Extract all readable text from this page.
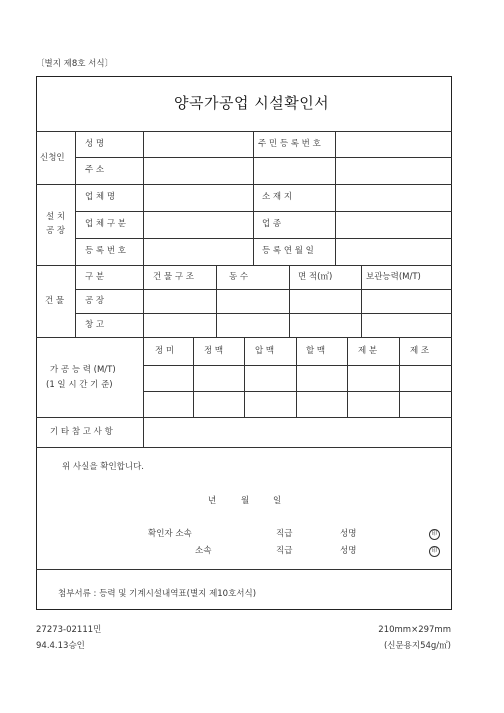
〔별지 제8호 서식〕
양곡가공업 시설확인서
신청인
성 명	주 민 등 록 번 호
주 소
설 치
공 장
업 체 명	소 재 지
업 체 구 분	업 종
등 록 번 호	등 록 연 월 일
건 물
구 분	건 물 구 조	동 수	면 적(㎡)	보관능력(M/T)
공 장
창 고
가 공 능 력 (M/T)
(1 일 시 간 기 준)
정 미	정 맥	압 맥	할 맥	제 분	제 조
기 타 참 고 사 항
위 사실을 확인합니다.
년	월	일
확인자 소속	직급	성명	印
소속	직급	성명	印
첨부서류 : 등력 및 기계시설내역표(별지 제10호서식)
27273-02111민
94.4.13승인
210mm×297mm
(신문용지54g/㎡)
